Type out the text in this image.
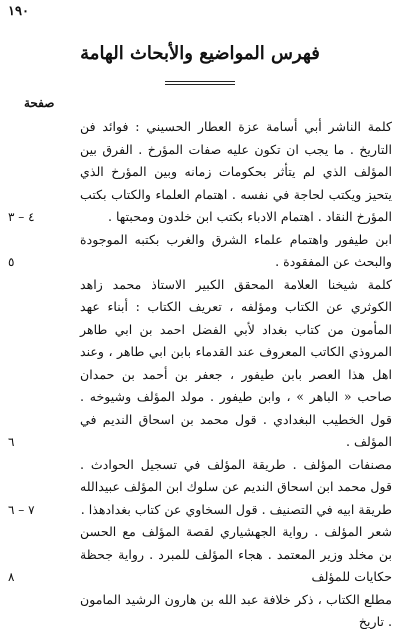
١٩٠
فهرس المواضيع والأبحاث الهامة
صفحة
كلمة الناشر أبي أسامة عزة العطار الحسيني : فوائد فن التاريخ . ما يجب ان تكون عليه صفات المؤرخ . الفرق بين المؤلف الذي لم يتأثر بحكومات زمانه وبين المؤرخ الذي يتحيز ويكتب لحاجة في نفسه . اهتمام العلماء والكتاب بكتب المؤرخ النقاد . اهتمام الادباء بكتب ابن خلدون ومحبتها .
٤ – ٣
ابن طيفور واهتمام علماء الشرق والغرب بكتبه الموجودة والبحث عن المفقودة .
٥
كلمة شيخنا العلامة المحقق الكبير الاستاذ محمد زاهد الكوثري عن الكتاب ومؤلفه ، تعريف الكتاب : أبناء عهد المأمون من كتاب بغداد لأبي الفضل احمد بن ابي طاهر المروذي الكاتب المعروف عند القدماء بابن ابي طاهر ، وعند اهل هذا العصر بابن طيفور ، جعفر بن أحمد بن حمدان صاحب « الباهر » ، وابن طيفور . مولد المؤلف وشيوخه . قول الخطيب البغدادي . قول محمد بن اسحاق النديم في المؤلف .
٦
مصنفات المؤلف . طريقة المؤلف في تسجيل الحوادث . قول محمد ابن اسحاق النديم عن سلوك ابن المؤلف عبيدالله طريقة ابيه في التصنيف . قول السخاوي عن كتاب بغدادهذا .
٧ – ٦
شعر المؤلف . رواية الجهشياري لقصة المؤلف مع الحسن بن مخلد وزير المعتمد . هجاء المؤلف للمبرد . رواية جحظة حكايات للمؤلف
٨
مطلع الكتاب ، ذكر خلافة عبد الله بن هارون الرشيد المامون . تاريخ
